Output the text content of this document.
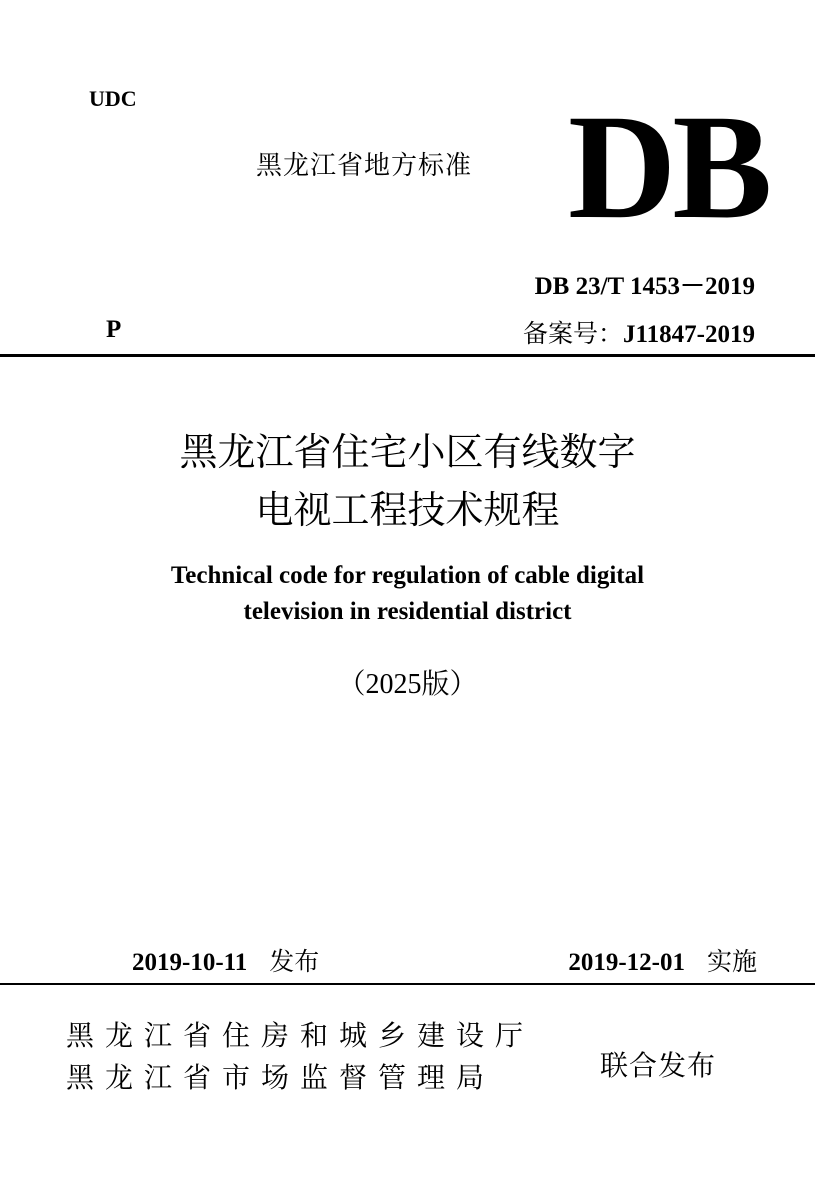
UDC
黑龙江省地方标准 DB
DB 23/T 1453－2019
P	备案号：J11847-2019
黑龙江省住宅小区有线数字
电视工程技术规程
Technical code for regulation of cable digital
television in residential district
（2025版）
2019-10-11 发布	2019-12-01 实施
黑龙江省住房和城乡建设厅
黑龙江省市场监督管理局	联合发布
